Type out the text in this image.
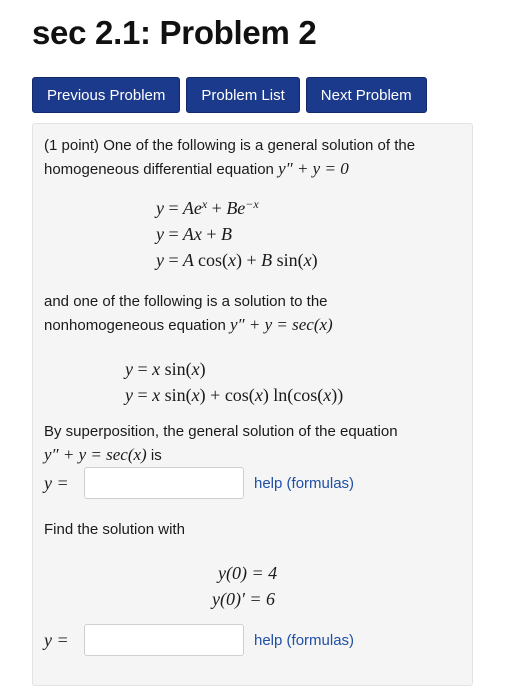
sec 2.1: Problem 2
Previous Problem	Problem List	Next Problem
(1 point) One of the following is a general solution of the homogeneous differential equation y″ + y = 0
$y = Ae^x + Be^{-x}$
y = Ax + B
y = A cos(x) + B sin(x)
and one of the following is a solution to the nonhomogeneous equation y″ + y = sec(x)
y = x sin(x)
y = x sin(x) + cos(x) ln(cos(x))
By superposition, the general solution of the equation
y″ + y = sec(x) is
y =	help (formulas)
Find the solution with
y(0) = 4
y(0)′ = 6
y =	help (formulas)
